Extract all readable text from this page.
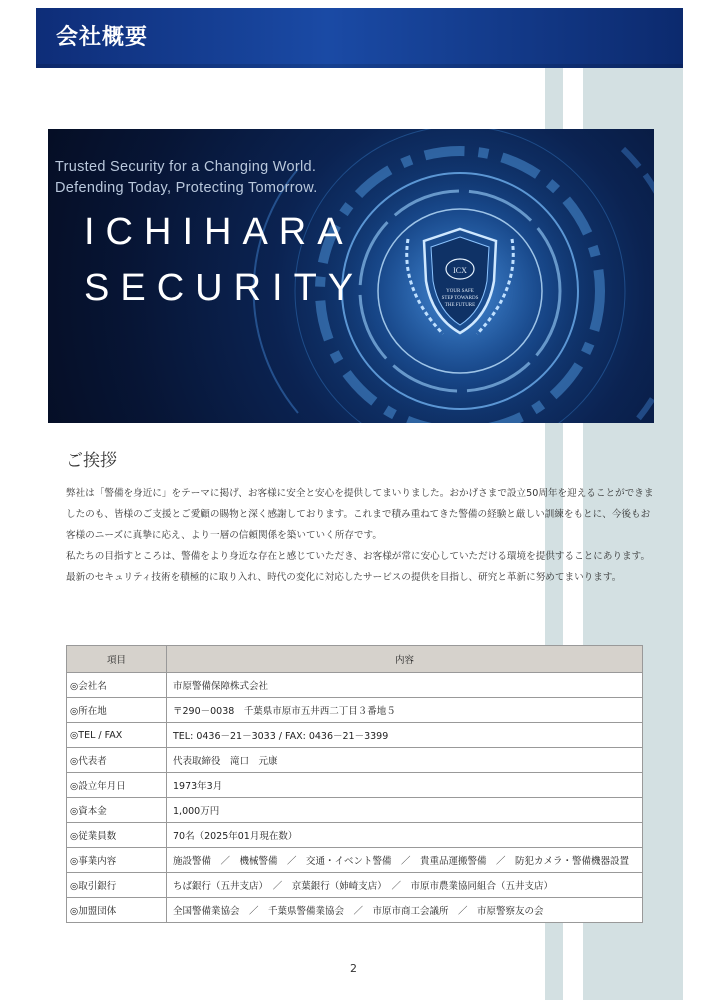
会社概要
Trusted Security for a Changing World.
Defending Today, Protecting Tomorrow.
ICHIHARA
SECURITY	ICX
YOUR SAFE
STEP TOWARDS
THE FUTURE
ご挨拶

弊社は「警備を身近に」をテーマに掲げ、お客様に安全と安心を提供してまいりました。おかげさまで設立50周年を迎えることができましたのも、皆様のご支援とご愛顧の賜物と深く感謝しております。これまで積み重ねてきた警備の経験と厳しい訓練をもとに、今後もお客様のニーズに真摯に応え、より一層の信頼関係を築いていく所存です。

私たちの目指すところは、警備をより身近な存在と感じていただき、お客様が常に安心していただける環境を提供することにあります。最新のセキュリティ技術を積極的に取り入れ、時代の変化に対応したサービスの提供を目指し、研究と革新に努めてまいります。

項目	内容
◎会社名	市原警備保障株式会社
◎所在地	〒290－0038　千葉県市原市五井西二丁目３番地５
◎TEL / FAX	TEL: 0436－21－3033 / FAX: 0436－21－3399
◎代表者	代表取締役　滝口　元康
◎設立年月日	1973年3月
◎資本金	1,000万円
◎従業員数	70名（2025年01月現在数）
◎事業内容	施設警備　／　機械警備　／　交通・イベント警備　／　貴重品運搬警備　／　防犯カメラ・警備機器設置
◎取引銀行	ちば銀行（五井支店）　／　京葉銀行（姉崎支店）　／　市原市農業協同組合（五井支店）
◎加盟団体	全国警備業協会　／　千葉県警備業協会　／　市原市商工会議所　／　市原警察友の会
2
